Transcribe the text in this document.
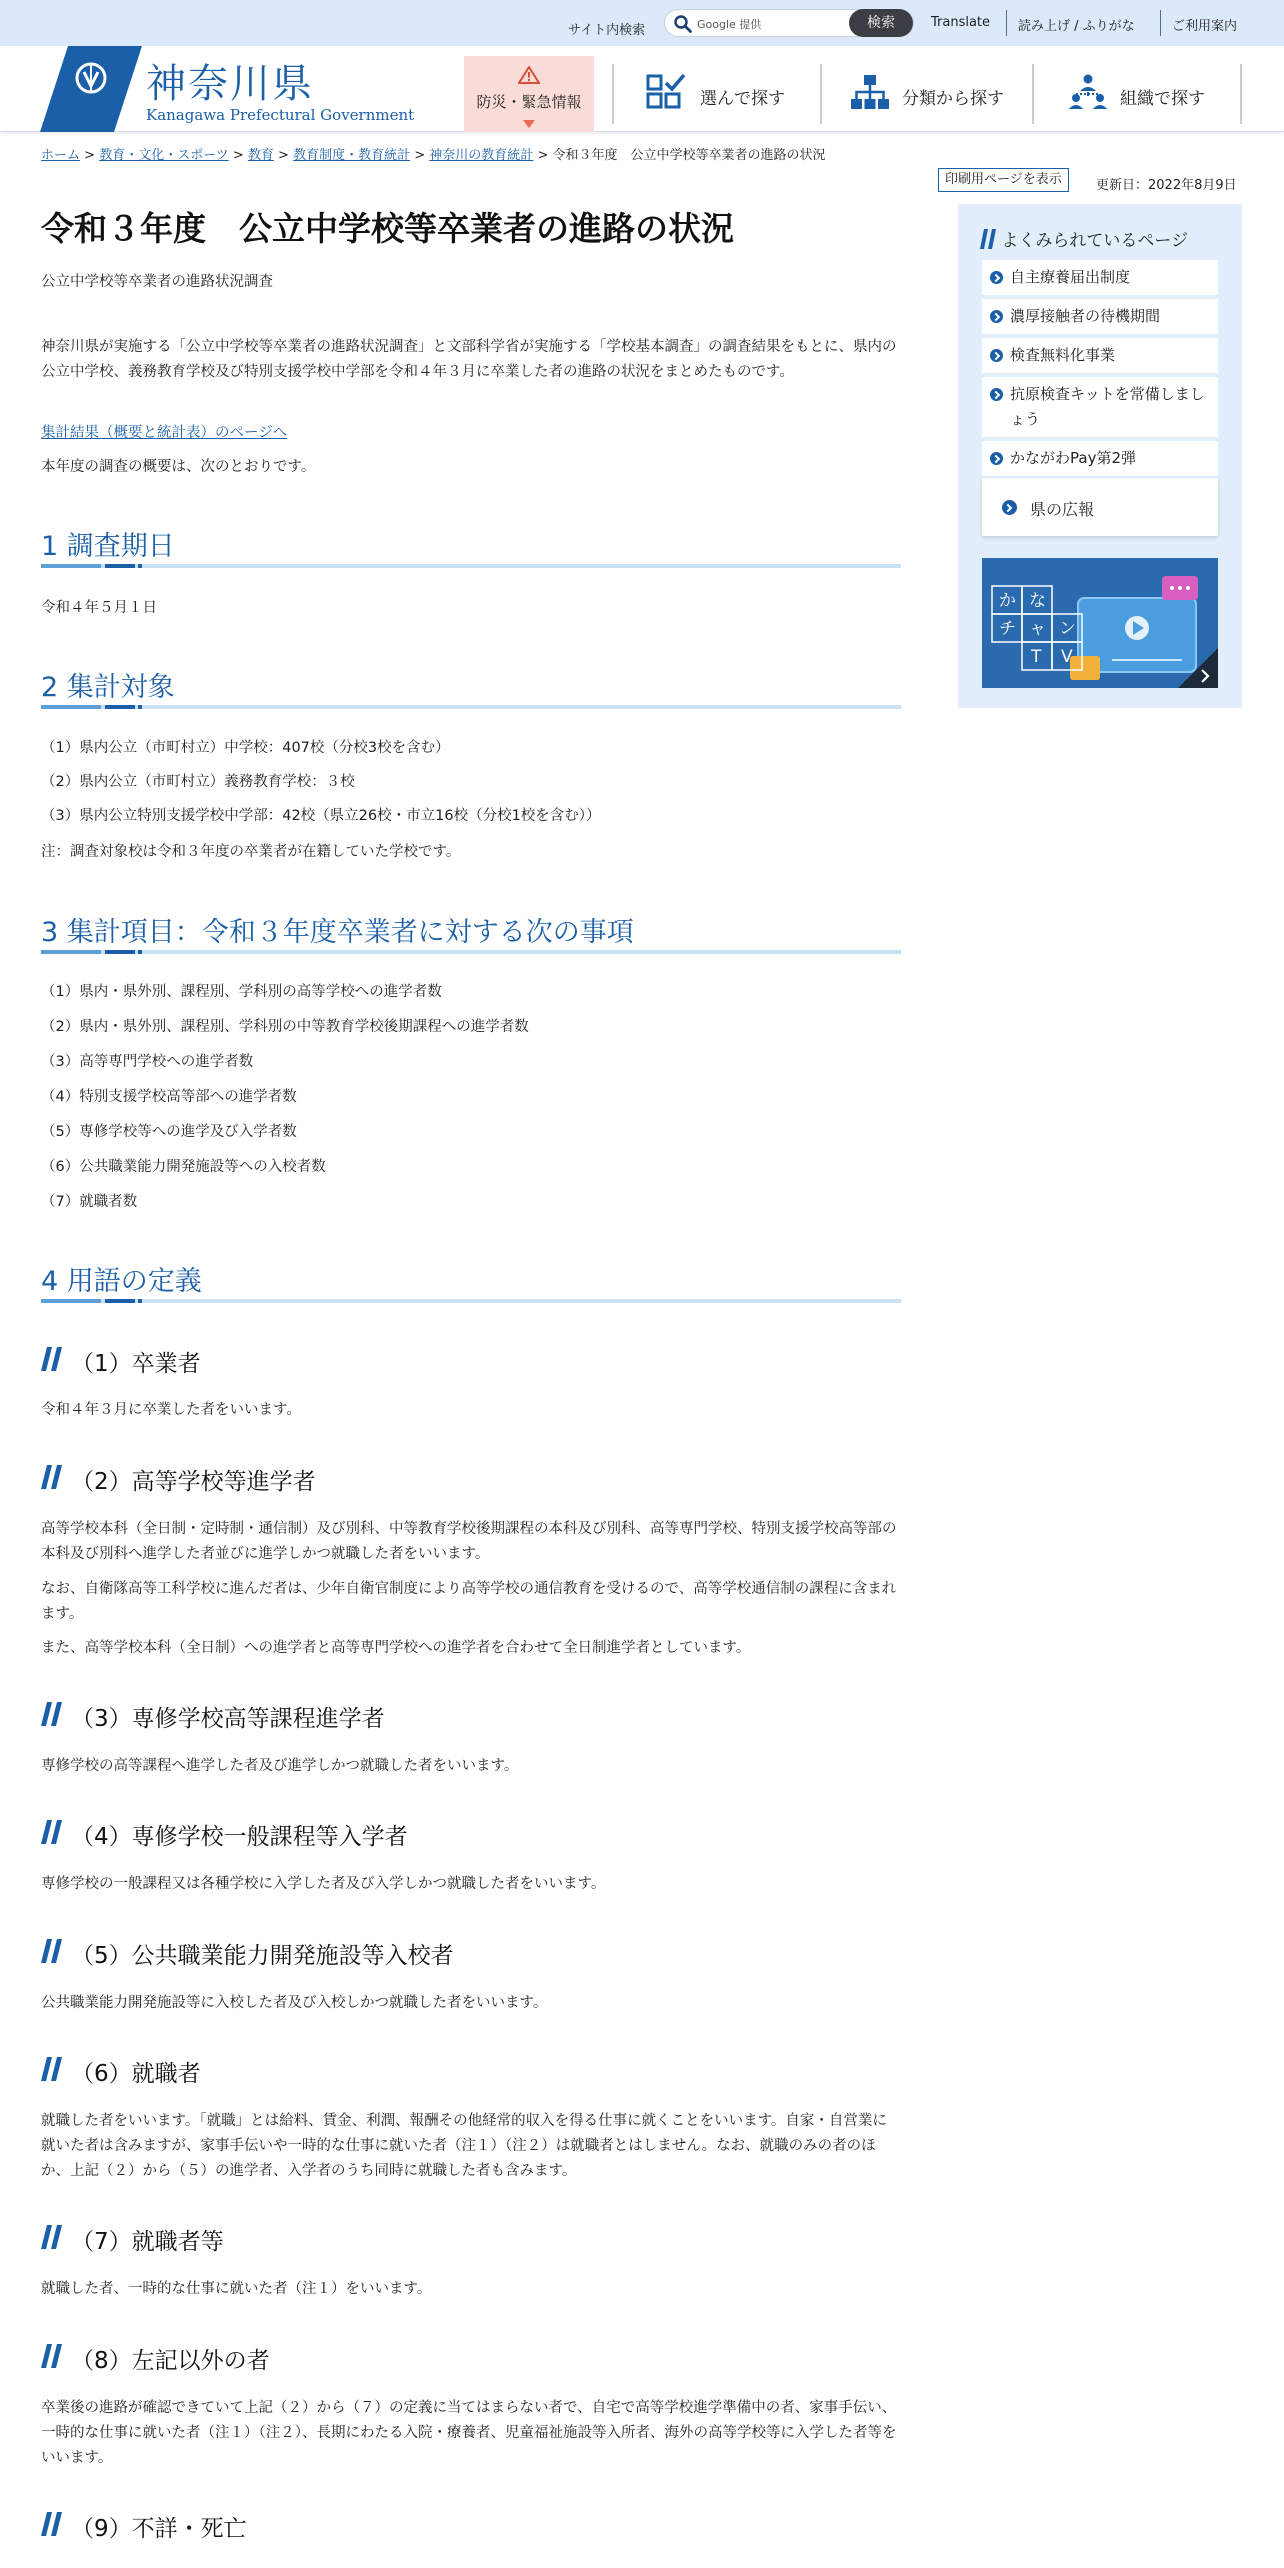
サイト内検索	Google 提供	検索	Translate 読み上げ / ふりがな	ご利用案内
KANAGAWA
神奈川県
Kanagawa Prefectural Government
防災・緊急情報	選んで探す	分類から探す	組織で探す
ホーム > 教育・文化・スポーツ > 教育 > 教育制度・教育統計 > 神奈川の教育統計 > 令和３年度　公立中学校等卒業者の進路の状況
印刷用ページを表示	更新日：2022年8月9日
令和３年度　公立中学校等卒業者の進路の状況

公立中学校等卒業者の進路状況調査

神奈川県が実施する「公立中学校等卒業者の進路状況調査」と文部科学省が実施する「学校基本調査」の調査結果をもとに、県内の公立中学校、義務教育学校及び特別支援学校中学部を令和４年３月に卒業した者の進路の状況をまとめたものです。

集計結果（概要と統計表）のページへ

本年度の調査の概要は、次のとおりです。

1 調査期日

令和４年５月１日

2 集計対象

（1）県内公立（市町村立）中学校：407校（分校3校を含む）

（2）県内公立（市町村立）義務教育学校：３校

（3）県内公立特別支援学校中学部：42校（県立26校・市立16校（分校1校を含む））

注：調査対象校は令和３年度の卒業者が在籍していた学校です。

3 集計項目：令和３年度卒業者に対する次の事項

（1）県内・県外別、課程別、学科別の高等学校への進学者数

（2）県内・県外別、課程別、学科別の中等教育学校後期課程への進学者数

（3）高等専門学校への進学者数

（4）特別支援学校高等部への進学者数

（5）専修学校等への進学及び入学者数

（6）公共職業能力開発施設等への入校者数

（7）就職者数

4 用語の定義
（1）卒業者

令和４年３月に卒業した者をいいます。

（2）高等学校等進学者

高等学校本科（全日制・定時制・通信制）及び別科、中等教育学校後期課程の本科及び別科、高等専門学校、特別支援学校高等部の本科及び別科へ進学した者並びに進学しかつ就職した者をいいます。

なお、自衛隊高等工科学校に進んだ者は、少年自衛官制度により高等学校の通信教育を受けるので、高等学校通信制の課程に含まれます。

また、高等学校本科（全日制）への進学者と高等専門学校への進学者を合わせて全日制進学者としています。

（3）専修学校高等課程進学者

専修学校の高等課程へ進学した者及び進学しかつ就職した者をいいます。

（4）専修学校一般課程等入学者

専修学校の一般課程又は各種学校に入学した者及び入学しかつ就職した者をいいます。

（5）公共職業能力開発施設等入校者

公共職業能力開発施設等に入校した者及び入校しかつ就職した者をいいます。

（6）就職者

就職した者をいいます。「就職」とは給料、賃金、利潤、報酬その他経常的収入を得る仕事に就くことをいいます。自家・自営業に就いた者は含みますが、家事手伝いや一時的な仕事に就いた者（注１）（注２）は就職者とはしません。なお、就職のみの者のほか、上記（２）から（５）の進学者、入学者のうち同時に就職した者も含みます。

（7）就職者等

就職した者、一時的な仕事に就いた者（注１）をいいます。

（8）左記以外の者

卒業後の進路が確認できていて上記（２）から（７）の定義に当てはまらない者で、自宅で高等学校進学準備中の者、家事手伝い、一時的な仕事に就いた者（注１）（注２）、長期にわたる入院・療養者、児童福祉施設等入所者、海外の高等学校等に入学した者等をいいます。

（9）不詳・死亡
よくみられているページ
自主療養届出制度
濃厚接触者の待機期間
検査無料化事業
抗原検査キットを常備しましょう
かながわPay第2弾
県の広報
か な
チ ャ ン
T V
